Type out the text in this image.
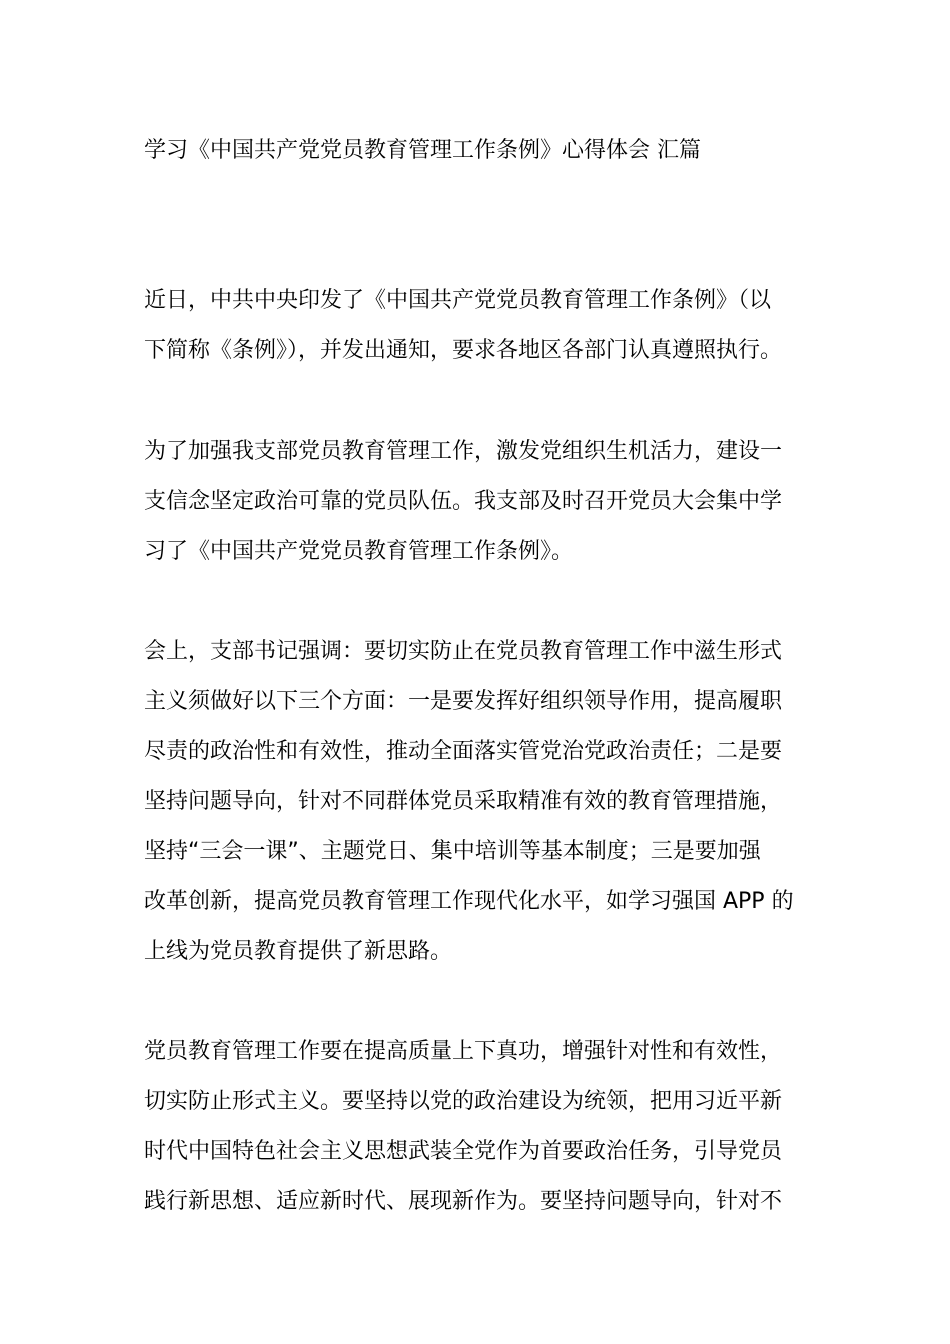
学习《中国共产党党员教育管理工作条例》心得体会 汇篇
近日，中共中央印发了《中国共产党党员教育管理工作条例》（以
下简称《条例》），并发出通知，要求各地区各部门认真遵照执行。
为了加强我支部党员教育管理工作，激发党组织生机活力，建设一
支信念坚定政治可靠的党员队伍。我支部及时召开党员大会集中学
习了《中国共产党党员教育管理工作条例》。
会上，支部书记强调：要切实防止在党员教育管理工作中滋生形式
主义须做好以下三个方面：一是要发挥好组织领导作用，提高履职
尽责的政治性和有效性，推动全面落实管党治党政治责任；二是要
坚持问题导向，针对不同群体党员采取精准有效的教育管理措施，
坚持“三会一课”、主题党日、集中培训等基本制度；三是要加强
改革创新，提高党员教育管理工作现代化水平，如学习强国 APP 的
上线为党员教育提供了新思路。
党员教育管理工作要在提高质量上下真功，增强针对性和有效性，
切实防止形式主义。要坚持以党的政治建设为统领，把用习近平新
时代中国特色社会主义思想武装全党作为首要政治任务，引导党员
践行新思想、适应新时代、展现新作为。要坚持问题导向，针对不
